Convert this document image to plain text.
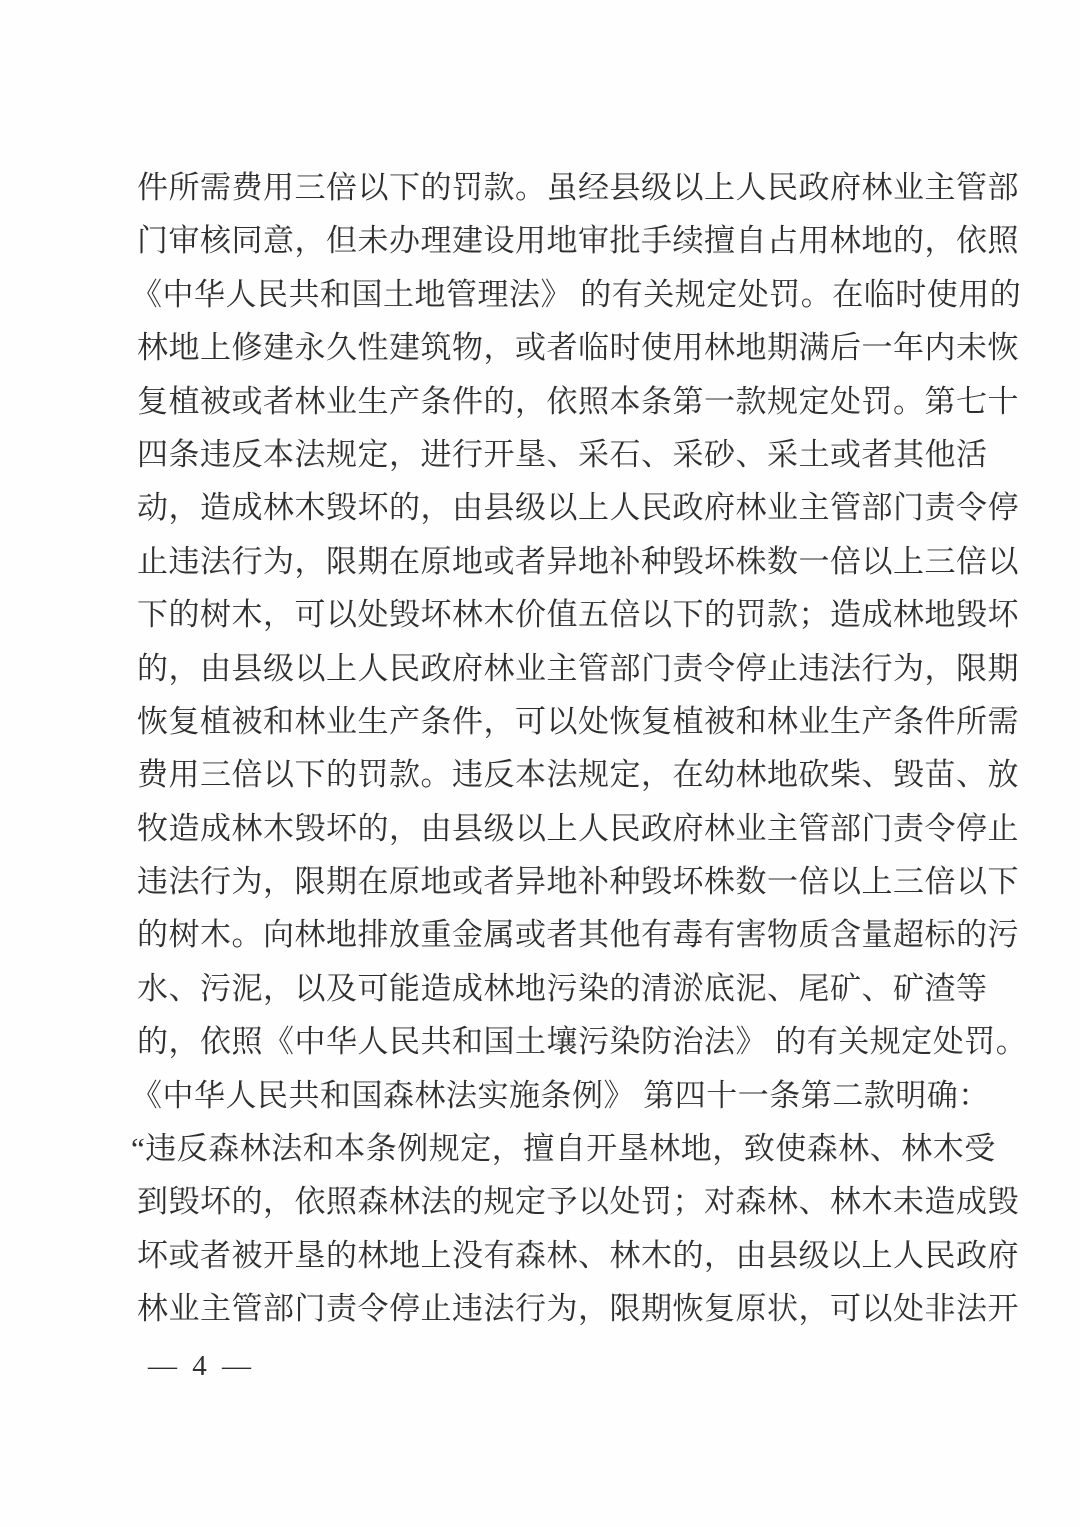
件所需费用三倍以下的罚款。虽经县级以上人民政府林业主管部
门审核同意，但未办理建设用地审批手续擅自占用林地的，依照
《中华人民共和国土地管理法》 的有关规定处罚。在临时使用的
林地上修建永久性建筑物，或者临时使用林地期满后一年内未恢
复植被或者林业生产条件的，依照本条第一款规定处罚。第七十
四条违反本法规定，进行开垦、采石、采砂、采土或者其他活
动，造成林木毁坏的，由县级以上人民政府林业主管部门责令停
止违法行为，限期在原地或者异地补种毁坏株数一倍以上三倍以
下的树木，可以处毁坏林木价值五倍以下的罚款；造成林地毁坏
的，由县级以上人民政府林业主管部门责令停止违法行为，限期
恢复植被和林业生产条件，可以处恢复植被和林业生产条件所需
费用三倍以下的罚款。违反本法规定，在幼林地砍柴、毁苗、放
牧造成林木毁坏的，由县级以上人民政府林业主管部门责令停止
违法行为，限期在原地或者异地补种毁坏株数一倍以上三倍以下
的树木。向林地排放重金属或者其他有毒有害物质含量超标的污
水、污泥，以及可能造成林地污染的清淤底泥、尾矿、矿渣等
的，依照《中华人民共和国土壤污染防治法》 的有关规定处罚。
《中华人民共和国森林法实施条例》 第四十一条第二款明确：
“违反森林法和本条例规定，擅自开垦林地，致使森林、林木受
到毁坏的，依照森林法的规定予以处罚；对森林、林木未造成毁
坏或者被开垦的林地上没有森林、林木的，由县级以上人民政府
林业主管部门责令停止违法行为，限期恢复原状，可以处非法开
— 4 —
